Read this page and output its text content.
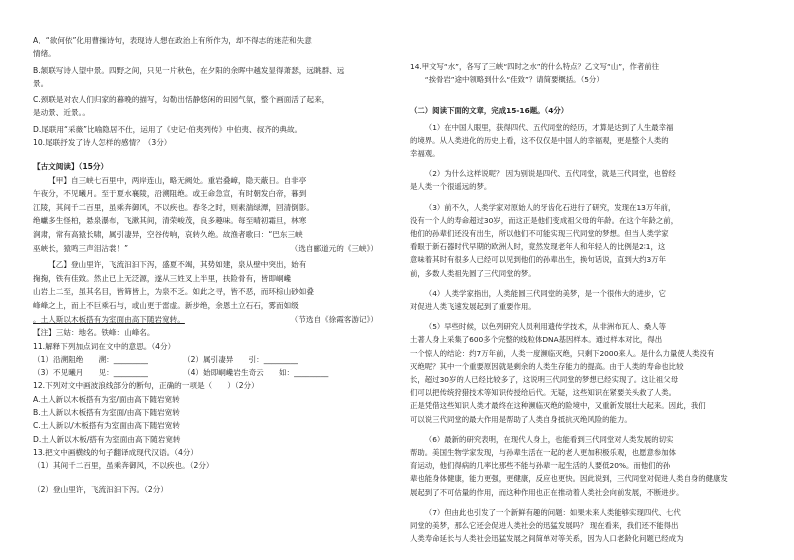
A．“欲何依”化用曹操诗句，表现诗人想在政治上有所作为，却不得志的迷茫和失意

情绪。

B.颔联写诗人望中景。四野之间，只见一片秋色，在夕阳的余晖中越发显得萧瑟，远眺群、远

景。

C.颈联是对农人们归家的暮晚的描写，勾勒出恬静悠闲的田园气氛，整个画面活了起来，

是动景、近景。。

D.尾联用“采薇”比喻隐居不仕，运用了《史记·伯夷列传》中伯夷、叔齐的典故。

10.尾联抒发了诗人怎样的感情？（3分）

【古文阅读】（15分）

【甲】自三峡七百里中，两岸连山，略无阙处。重岩叠嶂，隐天蔽日。自非亭

午夜分，不见曦月。至于夏水襄陵，沿溯阻绝。或王命急宣，有时朝发白帝，暮到

江陵，其间千二百里，虽乘奔御风，不以疾也。春冬之时，则素湍绿潭，回清倒影。

绝巘多生怪柏，悬泉瀑布，飞漱其间，清荣峻茂，良多趣味。每至晴初霜旦，林寒

涧肃，常有高猿长啸，属引凄异，空谷传响，哀转久绝。故渔者歌曰：“巴东三峡

巫峡长，猿鸣三声泪沾裳！”	（选自郦道元的《三峡》）

【乙】登山里许，飞流汩汩下泻，盛夏不竭，其势如建，泉从壁中突出，始有

掬掬，铁有佳致。然止已上无泛源，遂从三姓叉上半里，扶险骨有，皆即峒巉

山岩上二至，虽其名目，皆筛皆上，为泉不乏。如此之寻，皆不恶，而环棕山砂如叠

峰峰之上，而上不巨乘石与，或山更于雷虚。新步绝，余恩土立石石，雾而如级

。土人斯以木板搭有为室面由高下随岩宽转。	（节选自《徐霞客游记》）

【注】三姑：地名。铁峰：山峰名。

11.解释下列加点词在文中的意思。（4分）

（1）沿溯阻绝　　溯：_________	（2）属引凄异　　引：_________
（3）不见曦月　　见：_________	（4）始即峒巉岩生奇云　　如：_________

12.下列对文中画波浪线部分的断句，正确的一项是（　　）（2分）

A.土人新以木板搭有为室/面由高下随岩宽转

B.土人新以木板搭有为室面/由高下随岩宽转

C.土人新以/木板搭有为室面由高下随岩宽转

D.土人新以木板/搭有为室面由高下随岩宽转

13.把文中画横线的句子翻译成现代汉语。（4分）

（1）其间千二百里，虽乘奔御风，不以疾也。（2分）

（2）登山里许，飞流汩汩下泻。（2分）

14.甲文写“水”，各写了三峡“四时之水”的什么特点？乙文写“山”，作者前往

“挨骨岩”途中领略到什么“佳致”？请简要概括。（5分）

（二）阅读下面的文章，完成15-16题。（4分）

（1）在中国人眼里，获得四代、五代同堂的经历，才算是达到了人生最幸福

的境界。从人类进化的历史上看，这不仅仅是中国人的幸福观，更是整个人类的

幸福观。

（2）为什么这样说呢？ 因为别说是四代、五代同堂，就是三代同堂，也曾经

是人类一个很遥远的梦。

（3）前不久，人类学家对原始人的牙齿化石进行了研究，发现在13万年前，

没有一个人的寿命超过30岁，而这正是他们变成祖父母的年龄。在这个年龄之前，

他们的孙辈们还没有出生，所以他们不可能实现三代同堂的梦想。但当人类学家

看眼于新石器时代早期的欧洲人时，竟然发现老年人和年轻人的比例是2∶1，这

意味着其时有很多人已经可以见到他们的孙辈出生，换句话说，直到大约3万年

前，多数人类祖先圆了三代同堂的梦。

（4）人类学家指出，人类能圆三代同堂的美梦，是一个很伟大的进步，它

对促进人类飞速发展起到了重要作用。

（5）早些时候，以色列研究人员利用遗传学技术，从非洲布瓦人、桑人等

土著人身上采集了600多个完整的线粒体DNA基因样本。通过样本对比，得出

一个惊人的结论：约7万年前，人类一度濒临灭绝，只剩下2000来人。是什么力量使人类没有

灭绝呢？其中一个重要原因就是剩余的人类生存能力的提高。由于人类的寿命也比较

长，超过30岁的人已经比较多了，这说明三代同堂的梦想已经实现了。这让祖父母

们可以把传统狩猎技术等知识传授给后代。无疑，这些知识在紧要关头救了人类。

正是凭借这些知识人类才最终在这种濒临灭绝的险境中，又重新发展壮大起来。因此，我们

可以说三代同堂的最大作用是帮助了人类自身抵抗灭绝风险的能力。

（6）最新的研究表明，在现代人身上，也能看到三代同堂对人类发展的切实

帮助。美国生物学家发现，与孙辈生活在一起的老人更加积极乐观，也愿意参加体

育运动，他们得病的几率比那些不能与孙辈一起生活的人要低20%。而他们的孙

辈也能身体健康，能力更强，更健康，反应也更快。因此说到，三代同堂对促进人类自身的健康发

展起到了不可估量的作用，而这种作用也正在推动着人类社会向前发展，不断进步。

（7）但由此也引发了一个新鲜有趣的问题：如果未来人类能够实现四代、七代

同堂的美梦，那么它还会促进人类社会的迅猛发展吗？ 现在看来，我们还不能得出

人类寿命延长与人类社会迅猛发展之间简单对等关系，因为人口老龄化问题已经成为
